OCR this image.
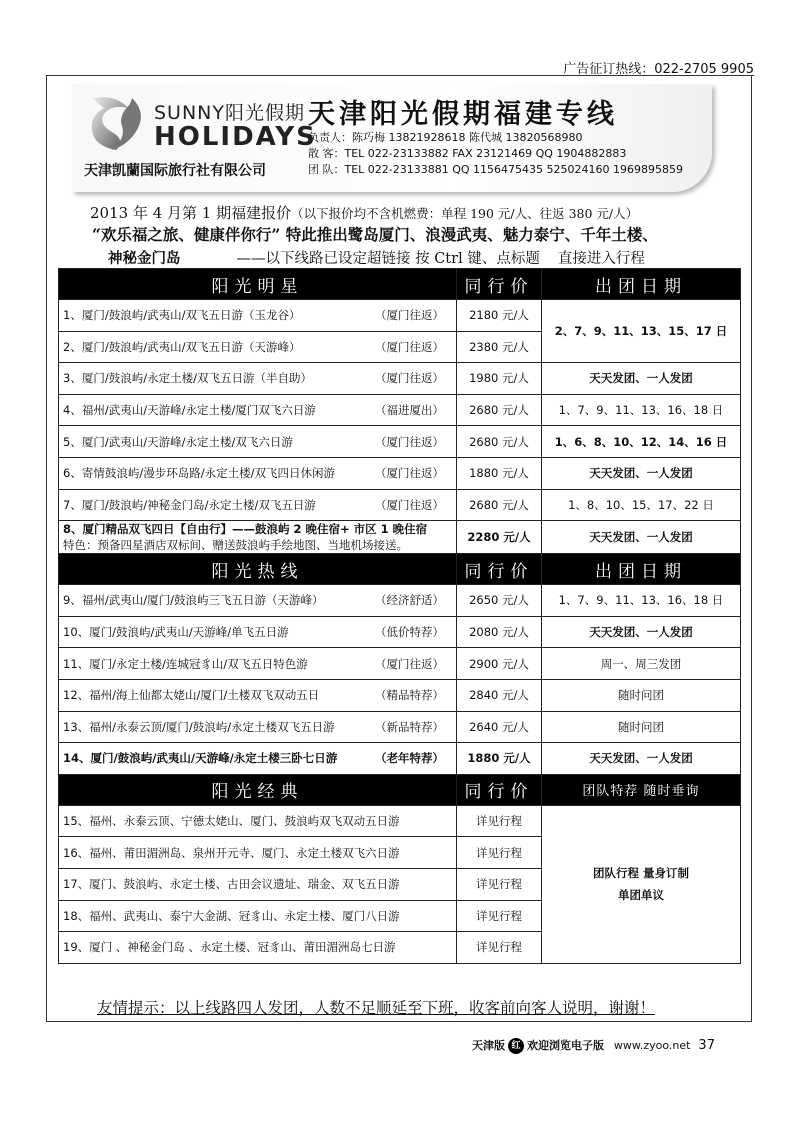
广告征订热线：022-2705 9905
SUNNY阳光假期
HOLIDAYS
天津凯蘭国际旅行社有限公司
天津阳光假期福建专线
负责人：陈巧梅 13821928618 陈代城 13820568980
散 客：TEL 022-23133882 FAX 23121469 QQ 1904882883
团 队：TEL 022-23133881 QQ 1156475435 525024160 1969895859
2013 年 4 月第 1 期福建报价（以下报价均不含机燃费：单程 190 元/人、往返 380 元/人）
“欢乐福之旅、健康伴你行” 特此推出鹭岛厦门、浪漫武夷、魅力泰宁、千年土楼、
神秘金门岛	——以下线路已设定超链接 按 Ctrl 键、点标题 直接进入行程
阳光明星	同行价	出团日期
1、厦门/鼓浪屿/武夷山/双飞五日游（玉龙谷） （厦门往返）	2180 元/人	2、7、9、11、13、15、17 日
2、厦门/鼓浪屿/武夷山/双飞五日游（天游峰） （厦门往返）	2380 元/人	
3、厦门/鼓浪屿/永定土楼/双飞五日游（半自助） （厦门往返）	1980 元/人	天天发团、一人发团
4、福州/武夷山/天游峰/永定土楼/厦门双飞六日游 （福进厦出）	2680 元/人	1、7、9、11、13、16、18 日
5、厦门/武夷山/天游峰/永定土楼/双飞六日游 （厦门往返）	2680 元/人	1、6、8、10、12、14、16 日
6、寄情鼓浪屿/漫步环岛路/永定土楼/双飞四日休闲游 （厦门往返）	1880 元/人	天天发团、一人发团
7、厦门/鼓浪屿/神秘金门岛/永定土楼/双飞五日游 （厦门往返）	2680 元/人	1、8、10、15、17、22 日

8、厦门精品双飞四日【自由行】——鼓浪屿 2 晚住宿+ 市区 1 晚住宿
特色：预备四星酒店双标间、赠送鼓浪屿手绘地图、当地机场接送。	2280 元/人	天天发团、一人发团
阳光热线	同行价	出团日期
9、福州/武夷山/厦门/鼓浪屿三飞五日游（天游峰） （经济舒适）	2650 元/人	1、7、9、11、13、16、18 日
10、厦门/鼓浪屿/武夷山/天游峰/单飞五日游 （低价特荐）	2080 元/人	天天发团、一人发团
11、厦门/永定土楼/连城冠豸山/双飞五日特色游 （厦门往返）	2900 元/人	周一、周三发团
12、福州/海上仙都太姥山/厦门/土楼双飞双动五日 （精品特荐）	2840 元/人	随时问团
13、福州/永泰云顶/厦门/鼓浪屿/永定土楼双飞五日游 （新品特荐）	2640 元/人	随时问团
14、厦门/鼓浪屿/武夷山/天游峰/永定土楼三卧七日游 （老年特荐）	1880 元/人	天天发团、一人发团
阳光经典	同行价	团队特荐 随时垂询
15、福州、永泰云顶、宁德太姥山、厦门、鼓浪屿双飞双动五日游	详见行程	团队行程 量身订制
单团单议

16、福州、莆田湄洲岛、泉州开元寺、厦门、永定土楼双飞六日游	详见行程	
17、厦门、鼓浪屿、永定土楼、古田会议遗址、瑞金、双飞五日游	详见行程	
18、福州、武夷山、泰宁大金湖、冠豸山、永定土楼、厦门八日游	详见行程	
19、厦门 、神秘金门岛 、永定土楼、冠豸山、莆田湄洲岛七日游	详见行程	
友情提示：以上线路四人发团，人数不足顺延至下班，收客前向客人说明，谢谢！
天津版 红 欢迎浏览电子版 www.zyoo.net 37
